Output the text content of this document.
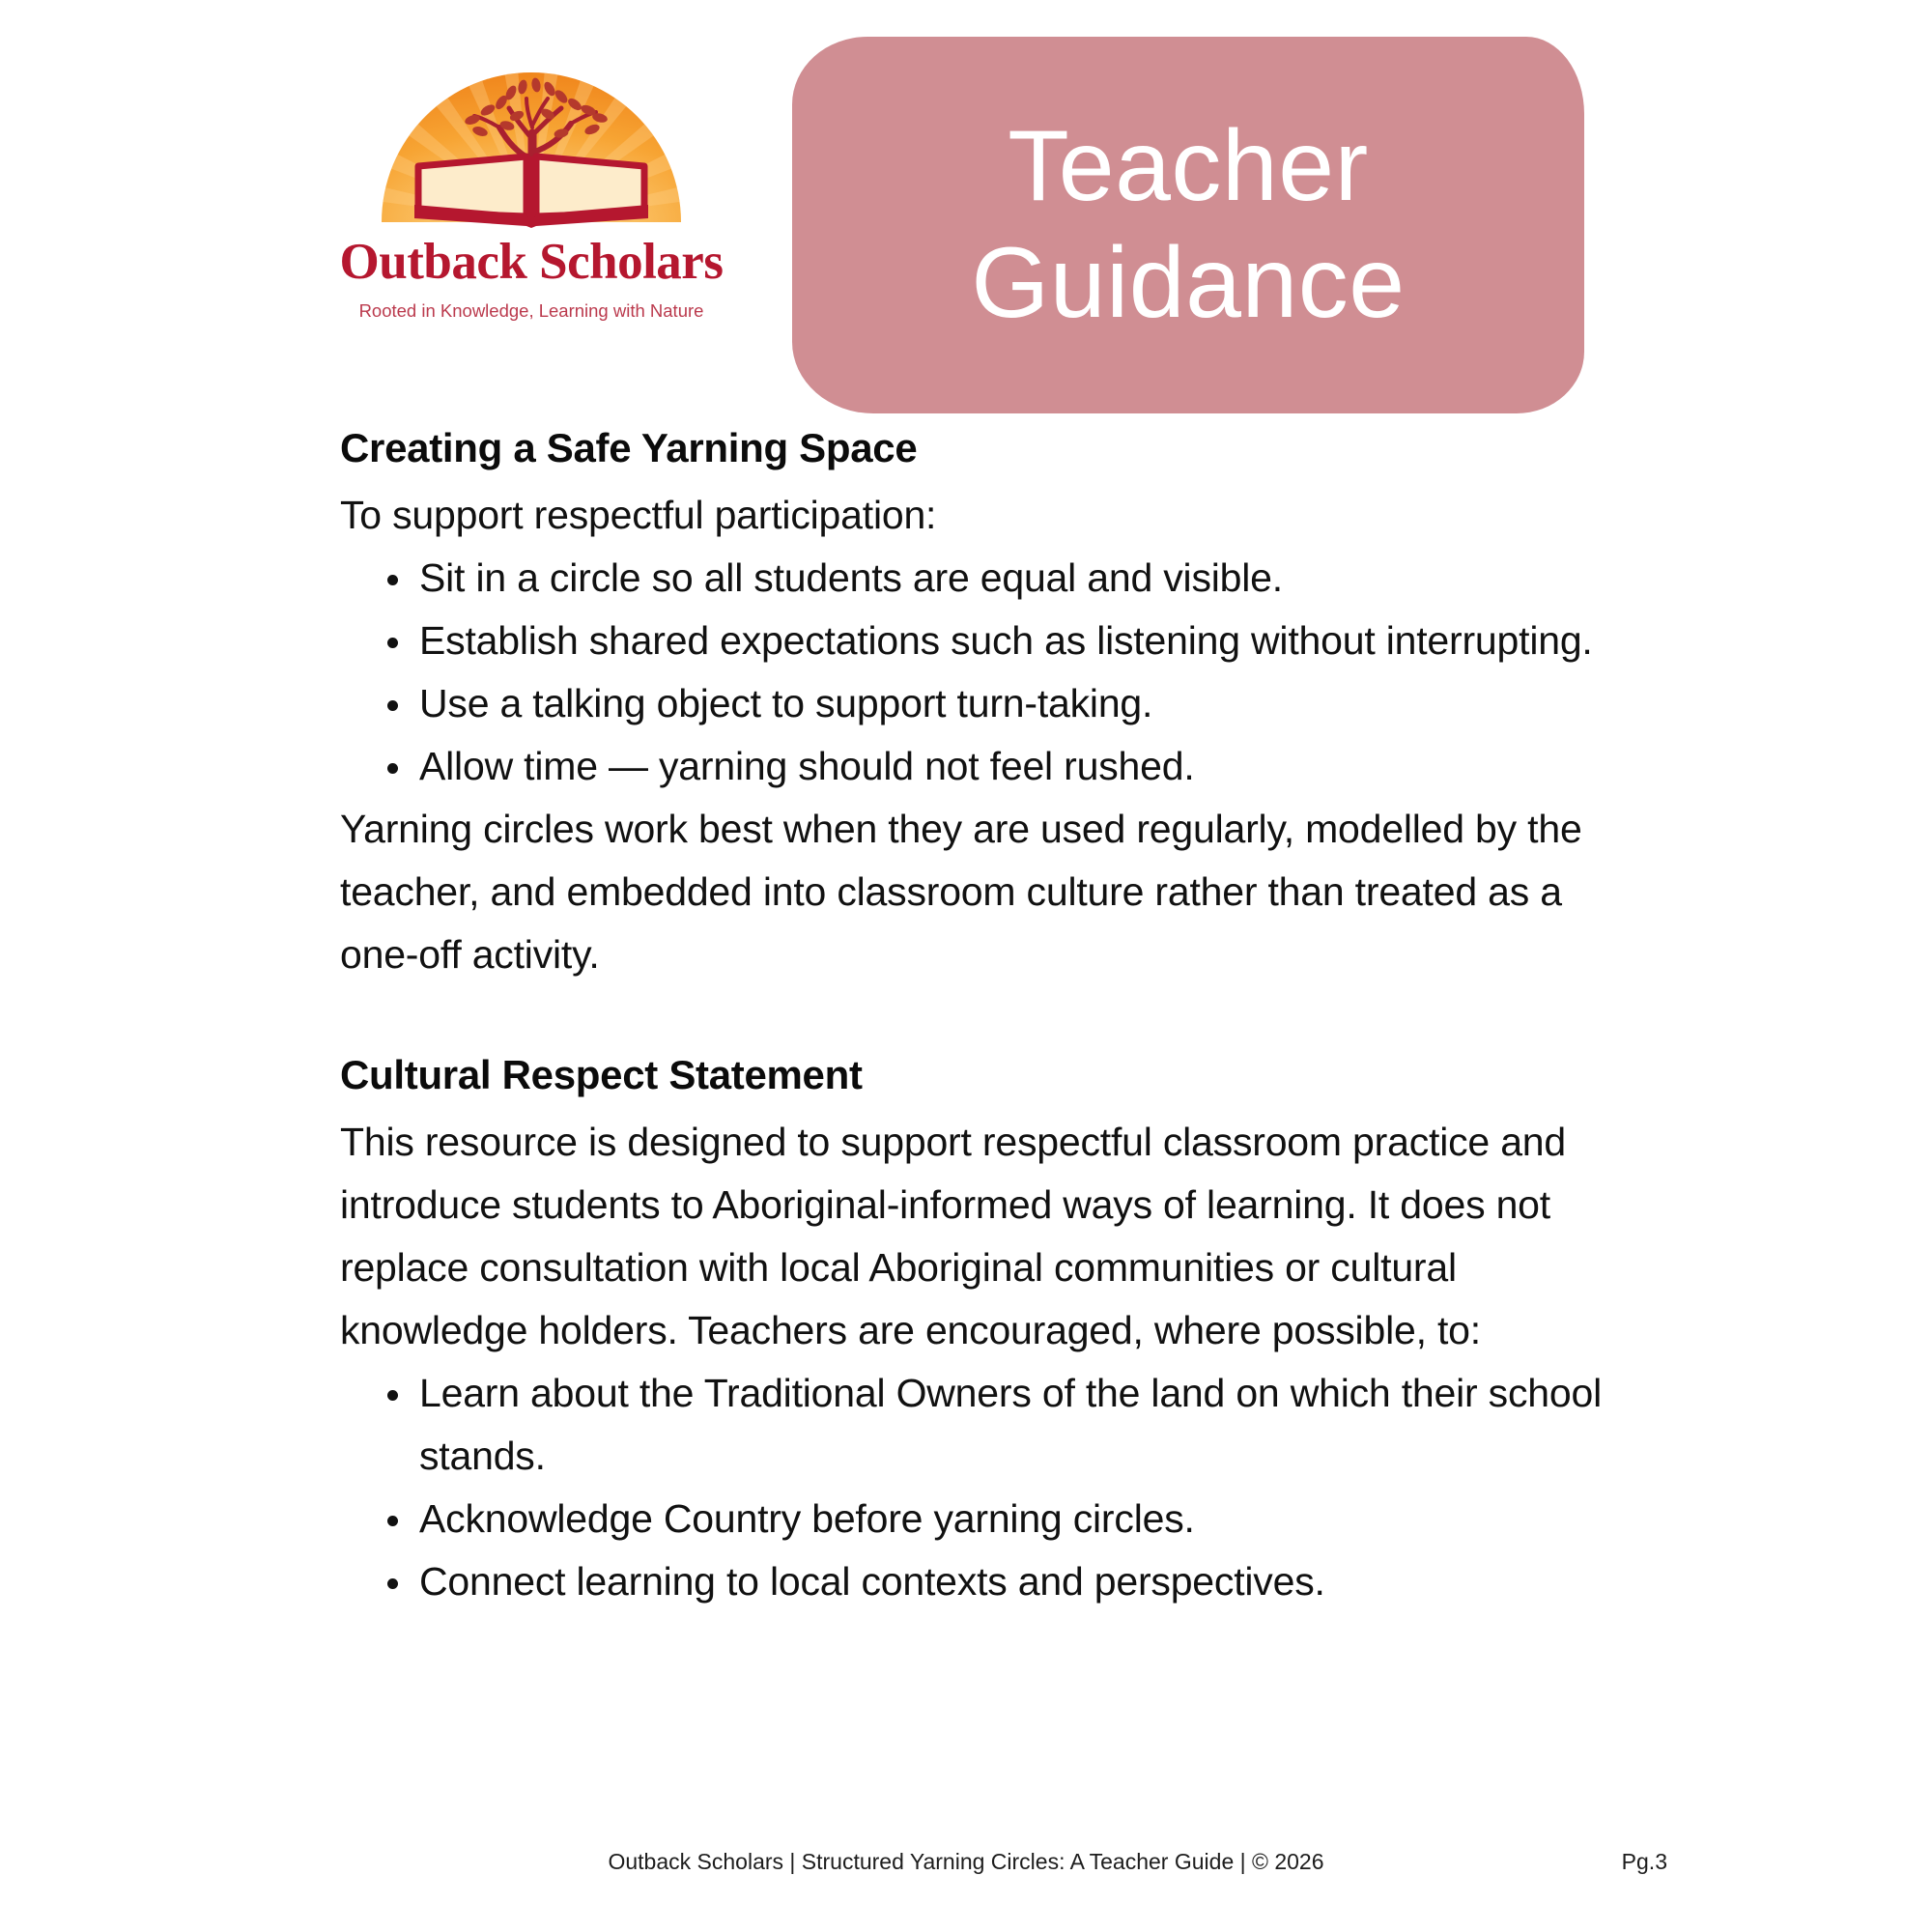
Outback Scholars
Rooted in Knowledge, Learning with Nature
Teacher
Guidance
Creating a Safe Yarning Space
To support respectful participation:
Sit in a circle so all students are equal and visible.
Establish shared expectations such as listening without interrupting.
Use a talking object to support turn-taking.
Allow time — yarning should not feel rushed.
Yarning circles work best when they are used regularly, modelled by the teacher, and embedded into classroom culture rather than treated as a one-off activity.
Cultural Respect Statement
This resource is designed to support respectful classroom practice and introduce students to Aboriginal-informed ways of learning. It does not replace consultation with local Aboriginal communities or cultural knowledge holders. Teachers are encouraged, where possible, to:
Learn about the Traditional Owners of the land on which their school stands.
Acknowledge Country before yarning circles.
Connect learning to local contexts and perspectives.
Outback Scholars | Structured Yarning Circles: A Teacher Guide | © 2026	Pg.3
